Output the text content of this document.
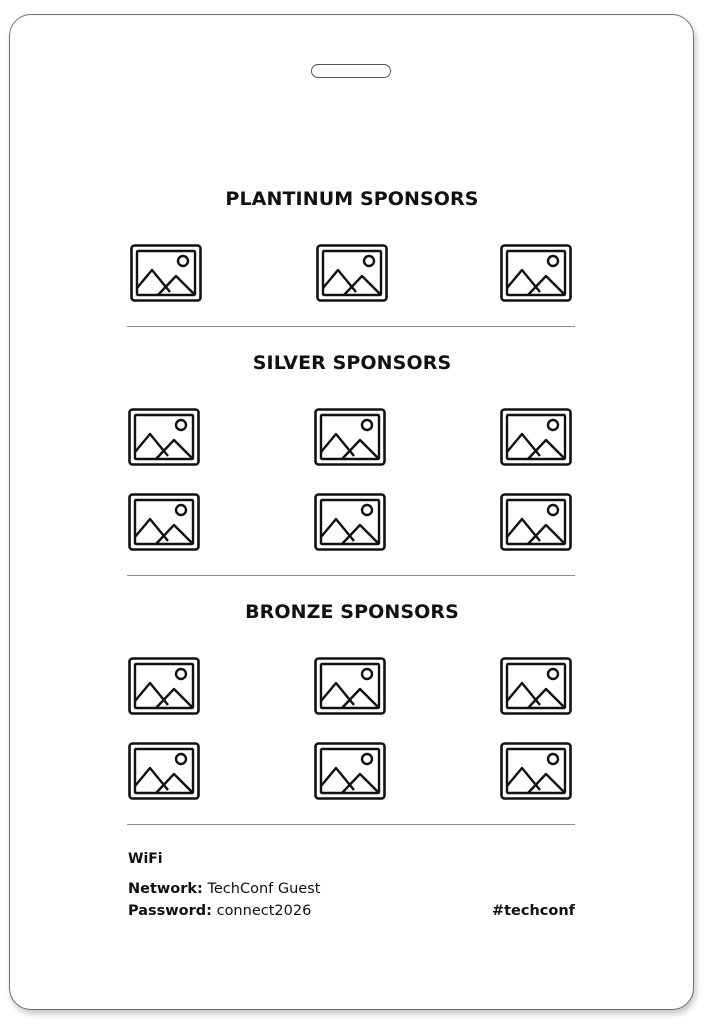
PLANTINUM SPONSORS
SILVER SPONSORS
BRONZE SPONSORS
WiFi
Network: TechConf Guest
Password: connect2026	#techconf
